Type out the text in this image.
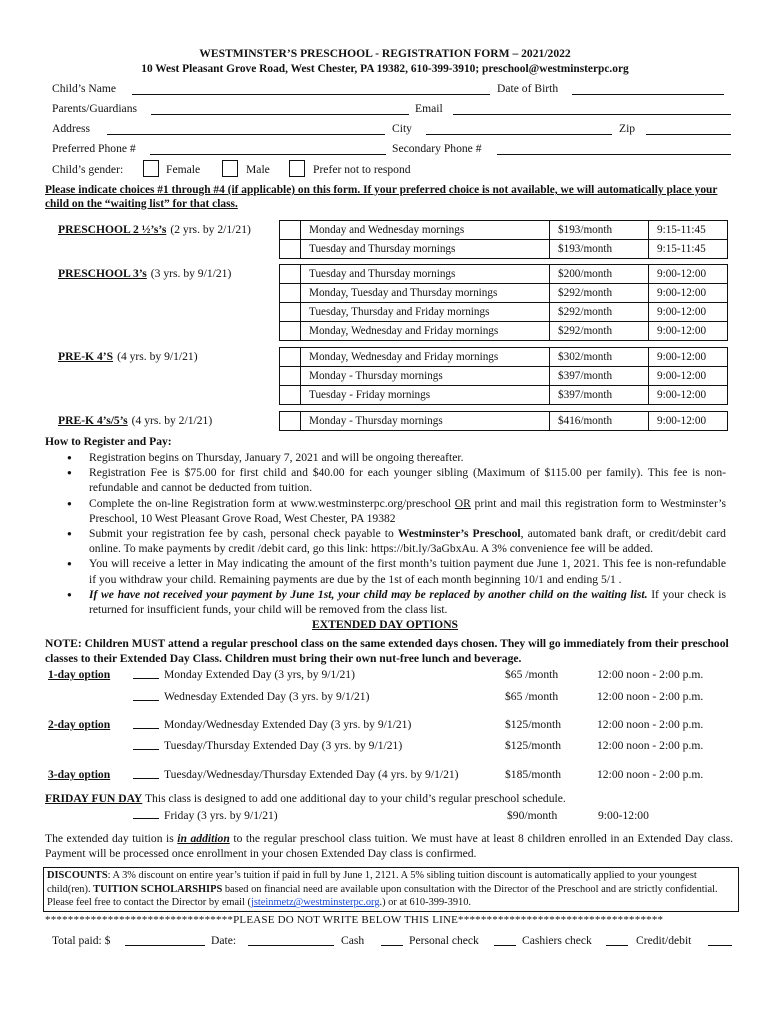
WESTMINSTER’S PRESCHOOL - REGISTRATION FORM – 2021/2022
10 West Pleasant Grove Road, West Chester, PA 19382, 610-399-3910; preschool@westminsterpc.org
Child’s Name	Date of Birth
Parents/Guardians	Email
Address	City	Zip
Preferred Phone #	Secondary Phone #
Child’s gender:	Female	Male	Prefer not to respond
Please indicate choices #1 through #4 (if applicable) on this form. If your preferred choice is not available, we will automatically place your child on the “waiting list” for that class.
PRESCHOOL 2 ½’s’s (2 yrs. by 2/1/21)
		Monday and Wednesday mornings	$193/month	9:15-11:45
	Tuesday and Thursday mornings	$193/month	9:15-11:45
PRESCHOOL 3’s (3 yrs. by 9/1/21)
		Tuesday and Thursday mornings	$200/month	9:00-12:00
	Monday, Tuesday and Thursday mornings	$292/month	9:00-12:00
	Tuesday, Thursday and Friday mornings	$292/month	9:00-12:00
	Monday, Wednesday and Friday mornings	$292/month	9:00-12:00
PRE-K 4’S (4 yrs. by 9/1/21)
		Monday, Wednesday and Friday mornings	$302/month	9:00-12:00
	Monday - Thursday mornings	$397/month	9:00-12:00
	Tuesday - Friday mornings	$397/month	9:00-12:00
PRE-K 4’s/5’s (4 yrs. by 2/1/21)
		Monday - Thursday mornings	$416/month	9:00-12:00
How to Register and Pay:
● Registration begins on Thursday, January 7, 2021 and will be ongoing thereafter.
● Registration Fee is $75.00 for first child and $40.00 for each younger sibling (Maximum of $115.00 per family). This fee is non-refundable and cannot be deducted from tuition.
● Complete the on-line Registration form at www.westminsterpc.org/preschool OR print and mail this registration form to Westminster’s Preschool, 10 West Pleasant Grove Road, West Chester, PA 19382
● Submit your registration fee by cash, personal check payable to Westminster’s Preschool, automated bank draft, or credit/debit card online. To make payments by credit /debit card, go this link: https://bit.ly/3aGbxAu. A 3% convenience fee will be added.
● You will receive a letter in May indicating the amount of the first month’s tuition payment due June 1, 2021. This fee is non-refundable if you withdraw your child. Remaining payments are due by the 1st of each month beginning 10/1 and ending 5/1 .
● If we have not received your payment by June 1st, your child may be replaced by another child on the waiting list. If your check is returned for insufficient funds, your child will be removed from the class list.
EXTENDED DAY OPTIONS
NOTE: Children MUST attend a regular preschool class on the same extended days chosen. They will go immediately from their preschool classes to their Extended Day Class. Children must bring their own nut-free lunch and beverage.
1-day option	Monday Extended Day (3 yrs, by 9/1/21)	$65 /month	12:00 noon - 2:00 p.m.
Wednesday Extended Day (3 yrs. by 9/1/21)	$65 /month	12:00 noon - 2:00 p.m.
2-day option	Monday/Wednesday Extended Day (3 yrs. by 9/1/21)	$125/month	12:00 noon - 2:00 p.m.
Tuesday/Thursday Extended Day (3 yrs. by 9/1/21)	$125/month	12:00 noon - 2:00 p.m.
3-day option	Tuesday/Wednesday/Thursday Extended Day (4 yrs. by 9/1/21)	$185/month	12:00 noon - 2:00 p.m.
FRIDAY FUN DAY This class is designed to add one additional day to your child’s regular preschool schedule.
Friday (3 yrs. by 9/1/21)	$90/month	9:00-12:00
The extended day tuition is in addition to the regular preschool class tuition. We must have at least 8 children enrolled in an Extended Day class. Payment will be processed once enrollment in your chosen Extended Day class is confirmed.
DISCOUNTS: A 3% discount on entire year’s tuition if paid in full by June 1, 2121. A 5% sibling tuition discount is automatically applied to your youngest child(ren). TUITION SCHOLARSHIPS based on financial need are available upon consultation with the Director of the Preschool and are strictly confidential. Please feel free to contact the Director by email (jsteinmetz@westminsterpc.org.) or at 610-399-3910.
*********************************PLEASE DO NOT WRITE BELOW THIS LINE************************************
Total paid: $	Date:	Cash	Personal check	Cashiers check	Credit/debit
